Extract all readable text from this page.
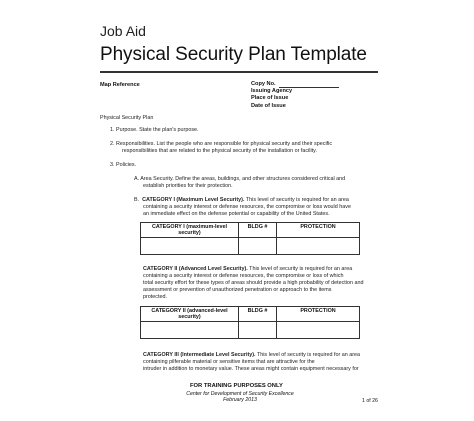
Job Aid
Physical Security Plan Template
Map Reference	Copy No.
Issuing Agency
Place of Issue
Date of Issue
Physical Security Plan
1. Purpose. State the plan's purpose.
2. Responsibilities. List the people who are responsible for physical security and their specific
responsibilities that are related to the physical security of the installation or facility.
3. Policies.
A. Area Security. Define the areas, buildings, and other structures considered critical and
establish priorities for their protection.
B. CATEGORY I (Maximum Level Security). This level of security is required for an area
containing a security interest or defense resources, the compromise or loss would have
an immediate effect on the defense potential or capability of the United States.
CATEGORY I (maximum-level security)	BLDG #	PROTECTION

CATEGORY II (Advanced Level Security). This level of security is required for an area
containing a security interest or defense resources, the compromise or loss of which
total security effort for these types of areas should provide a high probability of detection and
assessment or prevention of unauthorized penetration or approach to the items
protected.
CATEGORY II (advanced-level security)	BLDG #	PROTECTION

CATEGORY III (Intermediate Level Security). This level of security is required for an area
containing pilferable material or sensitive items that are attractive for the
intruder in addition to monetary value. These areas might contain equipment necessary for
FOR TRAINING PURPOSES ONLY
Center for Development of Security Excellence
February 2013	1 of 26
